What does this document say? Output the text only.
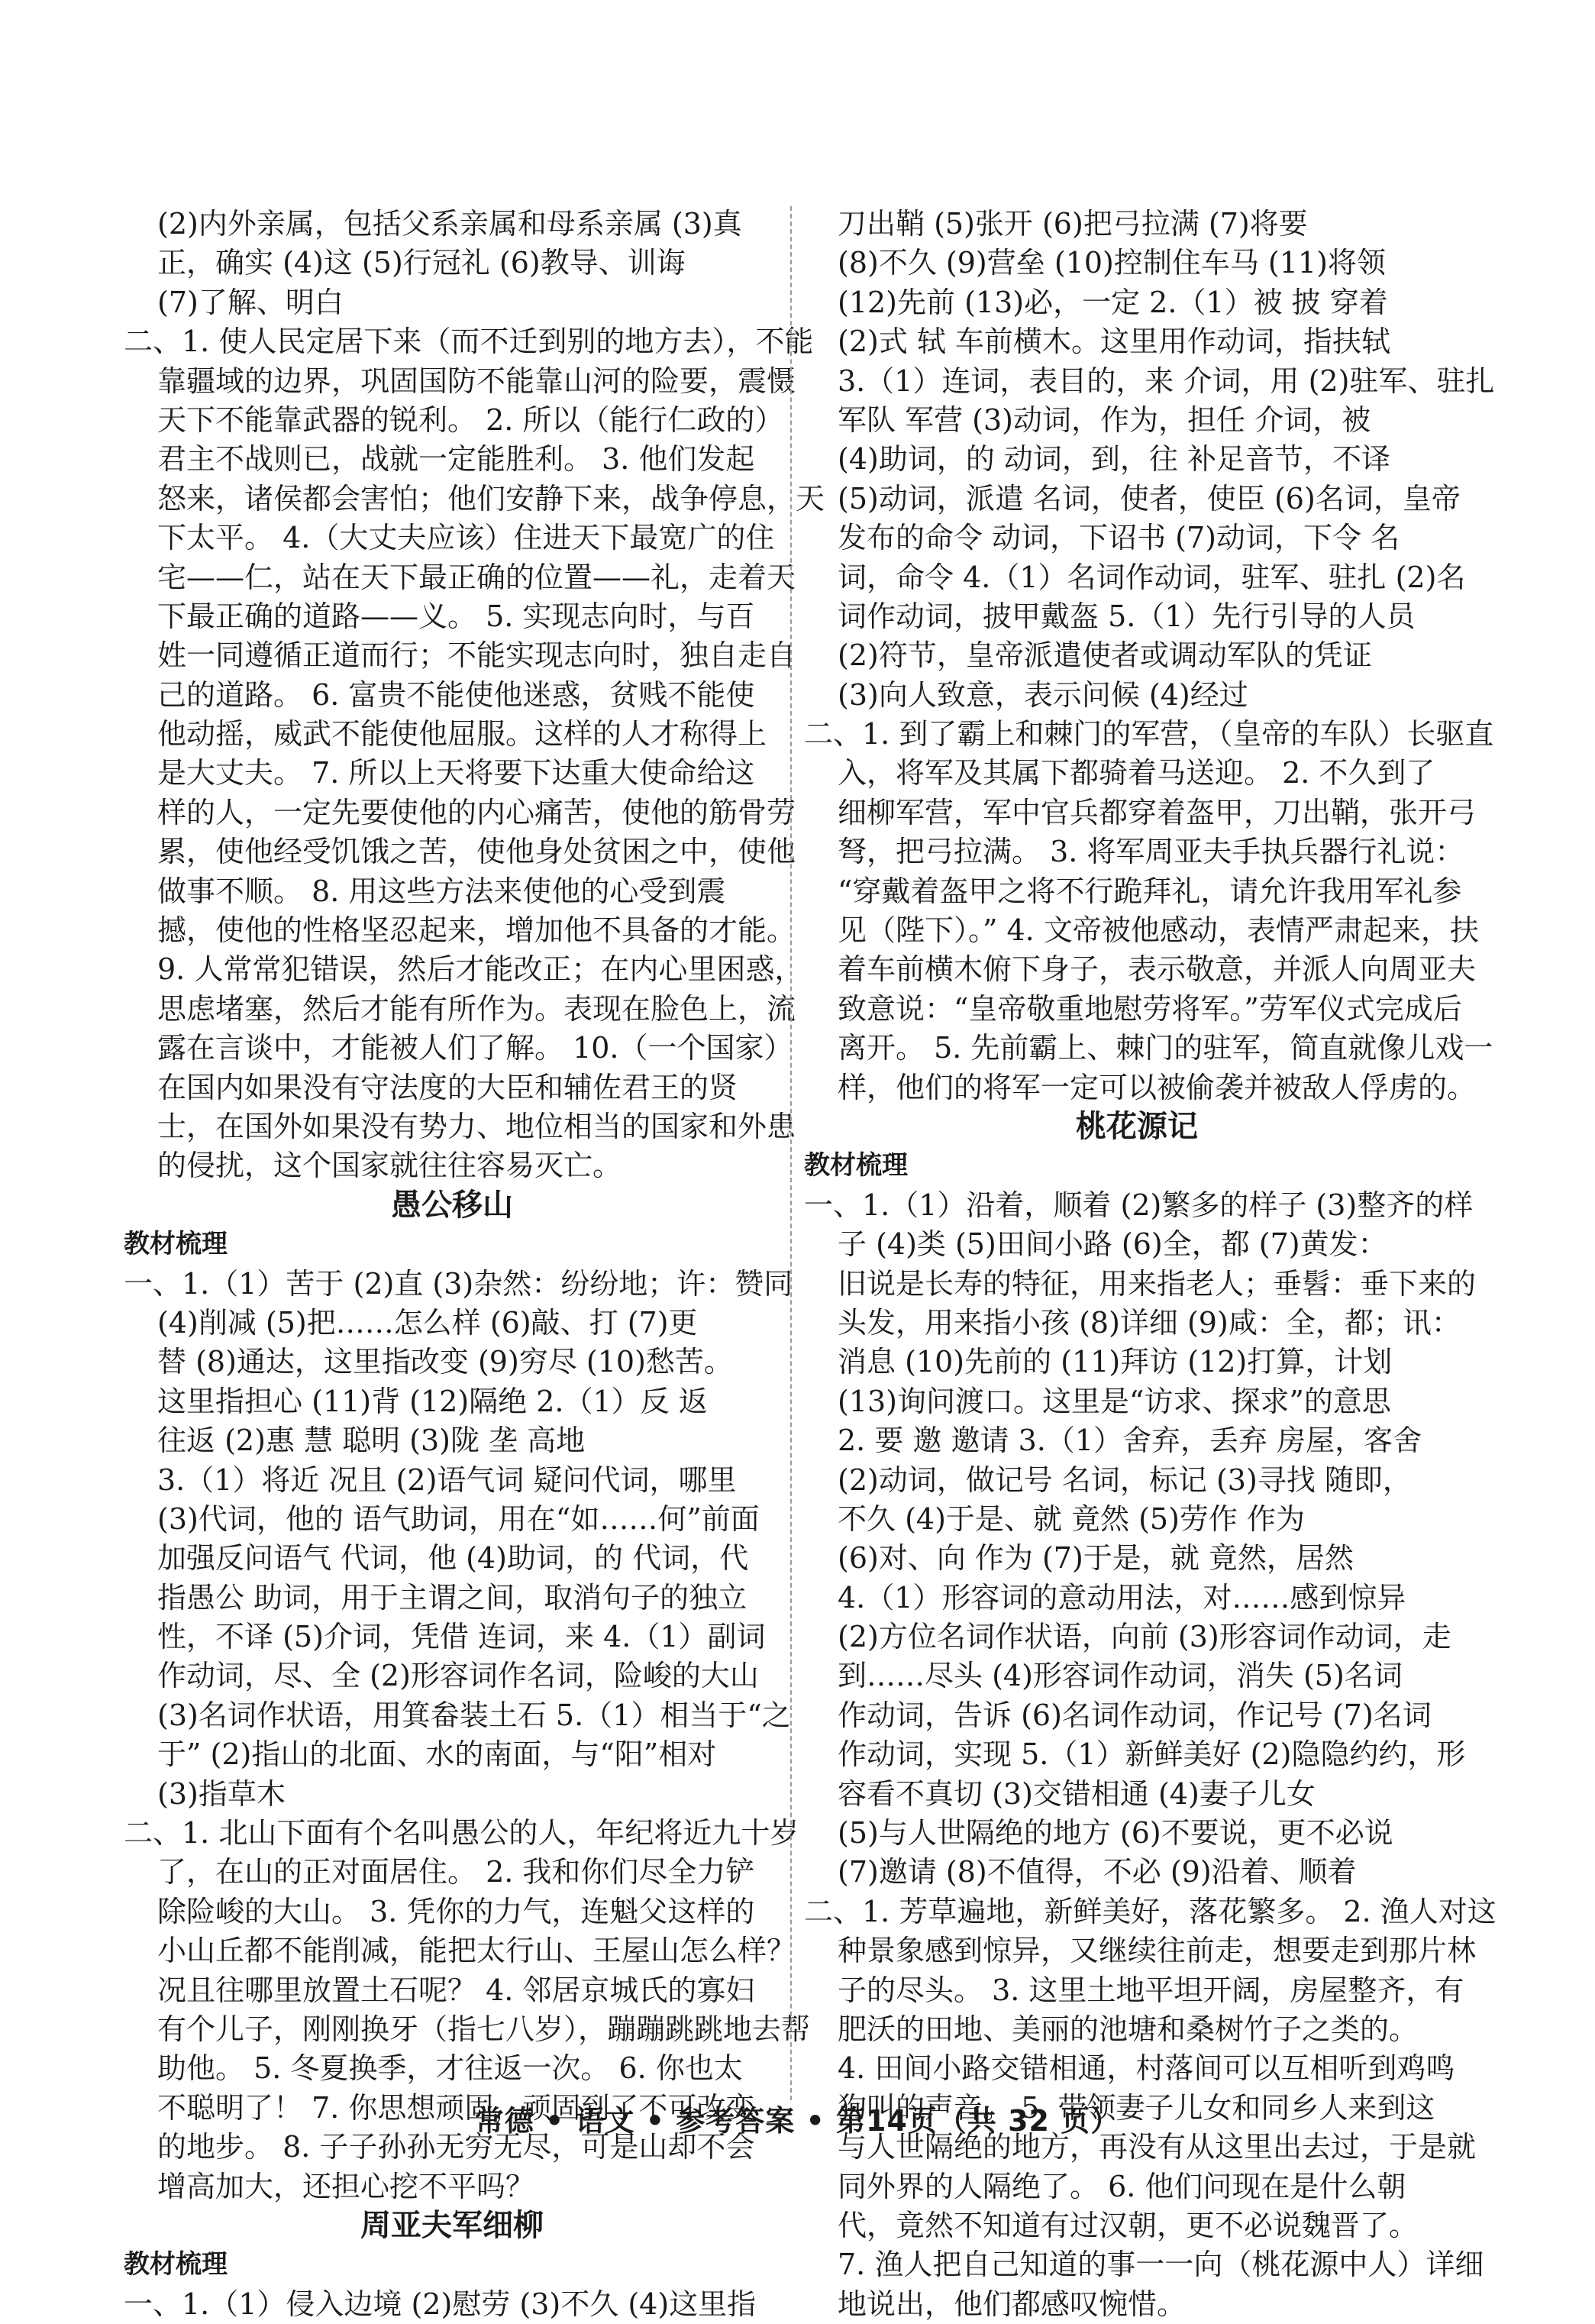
(2)内外亲属，包括父系亲属和母系亲属 (3)真
正，确实 (4)这 (5)行冠礼 (6)教导、训诲
(7)了解、明白
二、1. 使人民定居下来（而不迁到别的地方去），不能
靠疆域的边界，巩固国防不能靠山河的险要，震慑
天下不能靠武器的锐利。 2. 所以（能行仁政的）
君主不战则已，战就一定能胜利。 3. 他们发起
怒来，诸侯都会害怕；他们安静下来，战争停息，天
下太平。 4.（大丈夫应该）住进天下最宽广的住
宅——仁，站在天下最正确的位置——礼，走着天
下最正确的道路——义。 5. 实现志向时，与百
姓一同遵循正道而行；不能实现志向时，独自走自
己的道路。 6. 富贵不能使他迷惑，贫贱不能使
他动摇，威武不能使他屈服。这样的人才称得上
是大丈夫。 7. 所以上天将要下达重大使命给这
样的人，一定先要使他的内心痛苦，使他的筋骨劳
累，使他经受饥饿之苦，使他身处贫困之中，使他
做事不顺。 8. 用这些方法来使他的心受到震
撼，使他的性格坚忍起来，增加他不具备的才能。
9. 人常常犯错误，然后才能改正；在内心里困惑，
思虑堵塞，然后才能有所作为。表现在脸色上，流
露在言谈中，才能被人们了解。 10.（一个国家）
在国内如果没有守法度的大臣和辅佐君王的贤
士，在国外如果没有势力、地位相当的国家和外患
的侵扰，这个国家就往往容易灭亡。
愚公移山
教材梳理
一、1.（1）苦于 (2)直 (3)杂然：纷纷地；许：赞同
(4)削减 (5)把……怎么样 (6)敲、打 (7)更
替 (8)通达，这里指改变 (9)穷尽 (10)愁苦。
这里指担心 (11)背 (12)隔绝 2.（1）反 返
往返 (2)惠 慧 聪明 (3)陇 垄 高地
3.（1）将近 况且 (2)语气词 疑问代词，哪里
(3)代词，他的 语气助词，用在“如……何”前面
加强反问语气 代词，他 (4)助词，的 代词，代
指愚公 助词，用于主谓之间，取消句子的独立
性，不译 (5)介词，凭借 连词，来 4.（1）副词
作动词，尽、全 (2)形容词作名词，险峻的大山
(3)名词作状语，用箕畚装土石 5.（1）相当于“之
于” (2)指山的北面、水的南面，与“阳”相对
(3)指草木
二、1. 北山下面有个名叫愚公的人，年纪将近九十岁
了，在山的正对面居住。 2. 我和你们尽全力铲
除险峻的大山。 3. 凭你的力气，连魁父这样的
小山丘都不能削减，能把太行山、王屋山怎么样？
况且往哪里放置土石呢？ 4. 邻居京城氏的寡妇
有个儿子，刚刚换牙（指七八岁），蹦蹦跳跳地去帮
助他。 5. 冬夏换季，才往返一次。 6. 你也太
不聪明了！ 7. 你思想顽固，顽固到了不可改变
的地步。 8. 子子孙孙无穷无尽，可是山却不会
增高加大，还担心挖不平吗？
周亚夫军细柳
教材梳理
一、1.（1）侵入边境 (2)慰劳 (3)不久 (4)这里指
刀出鞘 (5)张开 (6)把弓拉满 (7)将要
(8)不久 (9)营垒 (10)控制住车马 (11)将领
(12)先前 (13)必，一定 2.（1）被 披 穿着
(2)式 轼 车前横木。这里用作动词，指扶轼
3.（1）连词，表目的，来 介词，用 (2)驻军、驻扎
军队 军营 (3)动词，作为，担任 介词，被
(4)助词，的 动词，到，往 补足音节，不译
(5)动词，派遣 名词，使者，使臣 (6)名词，皇帝
发布的命令 动词，下诏书 (7)动词，下令 名
词，命令 4.（1）名词作动词，驻军、驻扎 (2)名
词作动词，披甲戴盔 5.（1）先行引导的人员
(2)符节，皇帝派遣使者或调动军队的凭证
(3)向人致意，表示问候 (4)经过
二、1. 到了霸上和棘门的军营，（皇帝的车队）长驱直
入，将军及其属下都骑着马送迎。 2. 不久到了
细柳军营，军中官兵都穿着盔甲，刀出鞘，张开弓
弩，把弓拉满。 3. 将军周亚夫手执兵器行礼说：
“穿戴着盔甲之将不行跪拜礼，请允许我用军礼参
见（陛下）。” 4. 文帝被他感动，表情严肃起来，扶
着车前横木俯下身子，表示敬意，并派人向周亚夫
致意说：“皇帝敬重地慰劳将军。”劳军仪式完成后
离开。 5. 先前霸上、棘门的驻军，简直就像儿戏一
样，他们的将军一定可以被偷袭并被敌人俘虏的。
桃花源记
教材梳理
一、1.（1）沿着，顺着 (2)繁多的样子 (3)整齐的样
子 (4)类 (5)田间小路 (6)全，都 (7)黄发：
旧说是长寿的特征，用来指老人；垂髫：垂下来的
头发，用来指小孩 (8)详细 (9)咸：全，都；讯：
消息 (10)先前的 (11)拜访 (12)打算，计划
(13)询问渡口。这里是“访求、探求”的意思
2. 要 邀 邀请 3.（1）舍弃，丢弃 房屋，客舍
(2)动词，做记号 名词，标记 (3)寻找 随即，
不久 (4)于是、就 竟然 (5)劳作 作为
(6)对、向 作为 (7)于是，就 竟然，居然
4.（1）形容词的意动用法，对……感到惊异
(2)方位名词作状语，向前 (3)形容词作动词，走
到……尽头 (4)形容词作动词，消失 (5)名词
作动词，告诉 (6)名词作动词，作记号 (7)名词
作动词，实现 5.（1）新鲜美好 (2)隐隐约约，形
容看不真切 (3)交错相通 (4)妻子儿女
(5)与人世隔绝的地方 (6)不要说，更不必说
(7)邀请 (8)不值得，不必 (9)沿着、顺着
二、1. 芳草遍地，新鲜美好，落花繁多。 2. 渔人对这
种景象感到惊异，又继续往前走，想要走到那片林
子的尽头。 3. 这里土地平坦开阔，房屋整齐，有
肥沃的田地、美丽的池塘和桑树竹子之类的。
4. 田间小路交错相通，村落间可以互相听到鸡鸣
狗叫的声音。 5. 带领妻子儿女和同乡人来到这
与人世隔绝的地方，再没有从这里出去过，于是就
同外界的人隔绝了。 6. 他们问现在是什么朝
代，竟然不知道有过汉朝，更不必说魏晋了。
7. 渔人把自己知道的事一一向（桃花源中人）详细
地说出，他们都感叹惋惜。
常德 • 语文 • 参考答案 • 第14页（共 32 页）
